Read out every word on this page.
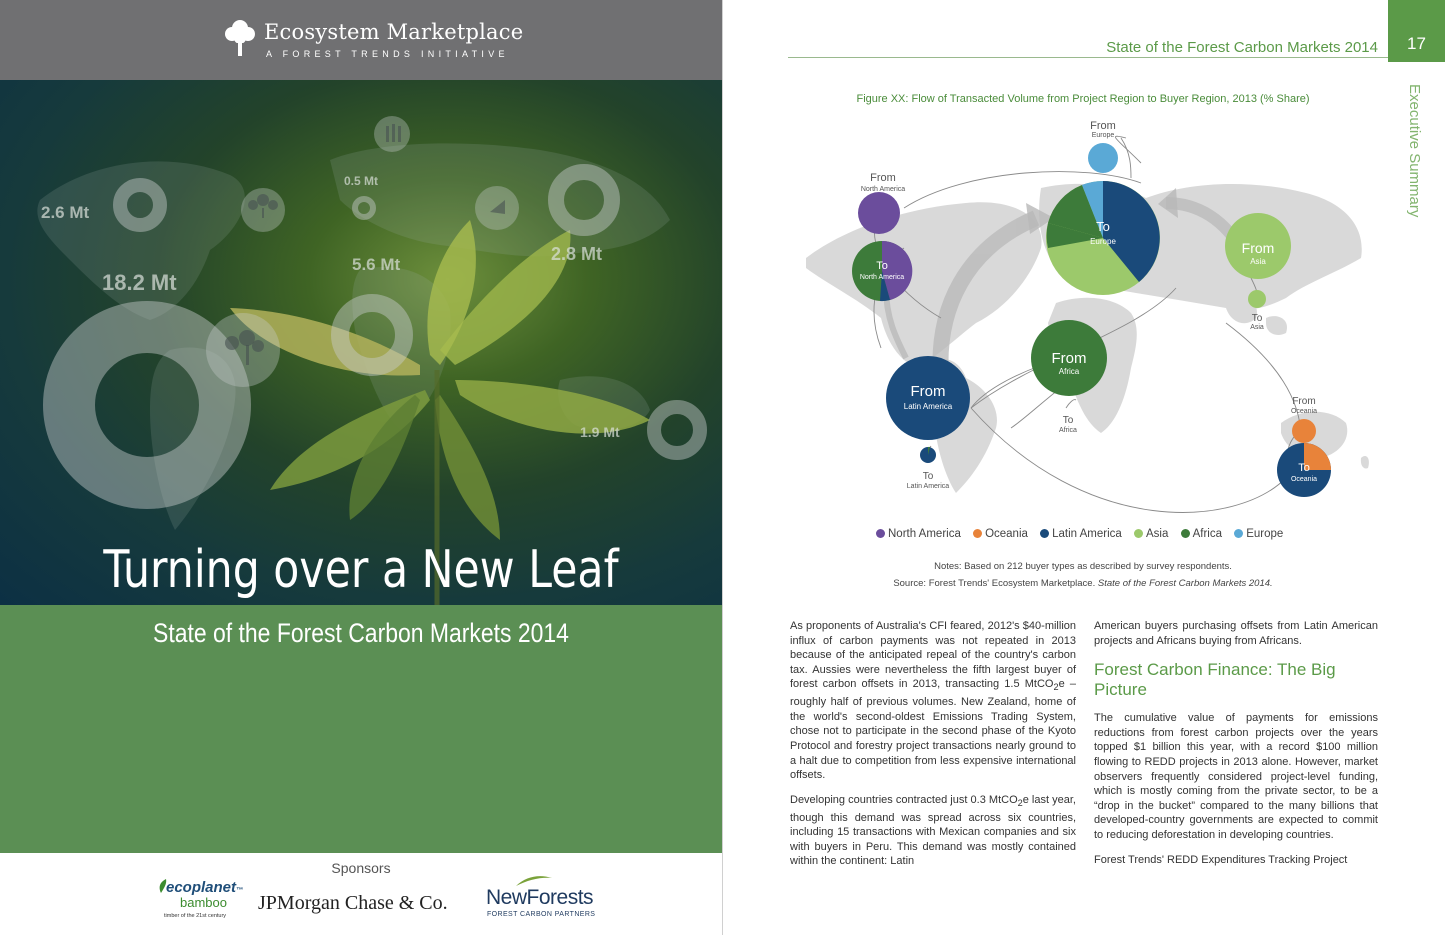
Ecosystem Marketplace
A FOREST TRENDS INITIATIVE
2.6 Mt
18.2 Mt
0.5 Mt
5.6 Mt
2.8 Mt
1.9 Mt
Turning over a New Leaf
State of the Forest Carbon Markets 2014
Sponsors
ecoplanet™
bamboo
timber of the 21st century
JPMorgan Chase & Co. NewForests
FOREST CARBON PARTNERS
State of the Forest Carbon Markets 2014	17
Executive Summary
Figure XX: Flow of Transacted Volume from Project Region to Buyer Region, 2013 (% Share)
From
North America
To
North America
From
Europe
To
Europe	From
Asia
To
Asia
From
Africa
To
Africa
From
Latin America
To
Latin America
From
Oceania
To
Oceania
North America Oceania Latin America Asia Africa Europe
Notes: Based on 212 buyer types as described by survey respondents.
Source: Forest Trends' Ecosystem Marketplace. State of the Forest Carbon Markets 2014.

As proponents of Australia's CFI feared, 2012's $40-million influx of carbon payments was not repeated in 2013 because of the anticipated repeal of the country's carbon tax. Aussies were nevertheless the fifth largest buyer of forest carbon offsets in 2013, transacting 1.5 MtCO$_2$e – roughly half of previous volumes. New Zealand, home of the world's second-oldest Emissions Trading System, chose not to participate in the second phase of the Kyoto Protocol and forestry project transactions nearly ground to a halt due to competition from less expensive international offsets.

Developing countries contracted just 0.3 MtCO$_2$e last year, though this demand was spread across six countries, including 15 transactions with Mexican companies and six with buyers in Peru. This demand was mostly contained within the continent: Latin

American buyers purchasing offsets from Latin American projects and Africans buying from Africans.

Forest Carbon Finance: The Big Picture

The cumulative value of payments for emissions reductions from forest carbon projects over the years topped $1 billion this year, with a record $100 million flowing to REDD projects in 2013 alone. However, market observers frequently considered project-level funding, which is mostly coming from the private sector, to be a “drop in the bucket” compared to the many billions that developed-country governments are expected to commit to reducing deforestation in developing countries.

Forest Trends' REDD Expenditures Tracking Project
